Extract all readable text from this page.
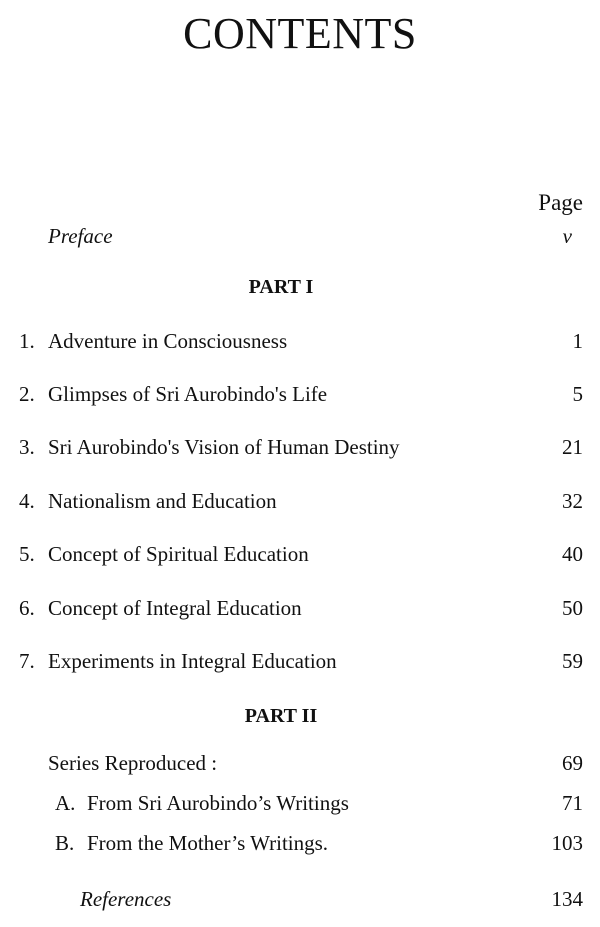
CONTENTS
Page
Preface	v
PART I
1. Adventure in Consciousness	1
2. Glimpses of Sri Aurobindo's Life	5
3. Sri Aurobindo's Vision of Human Destiny	21
4. Nationalism and Education	32
5. Concept of Spiritual Education	40
6. Concept of Integral Education	50
7. Experiments in Integral Education	59
PART II
Series Reproduced :	69
A. From Sri Aurobindo’s Writings	71
B. From the Mother’s Writings.	103
References	134
